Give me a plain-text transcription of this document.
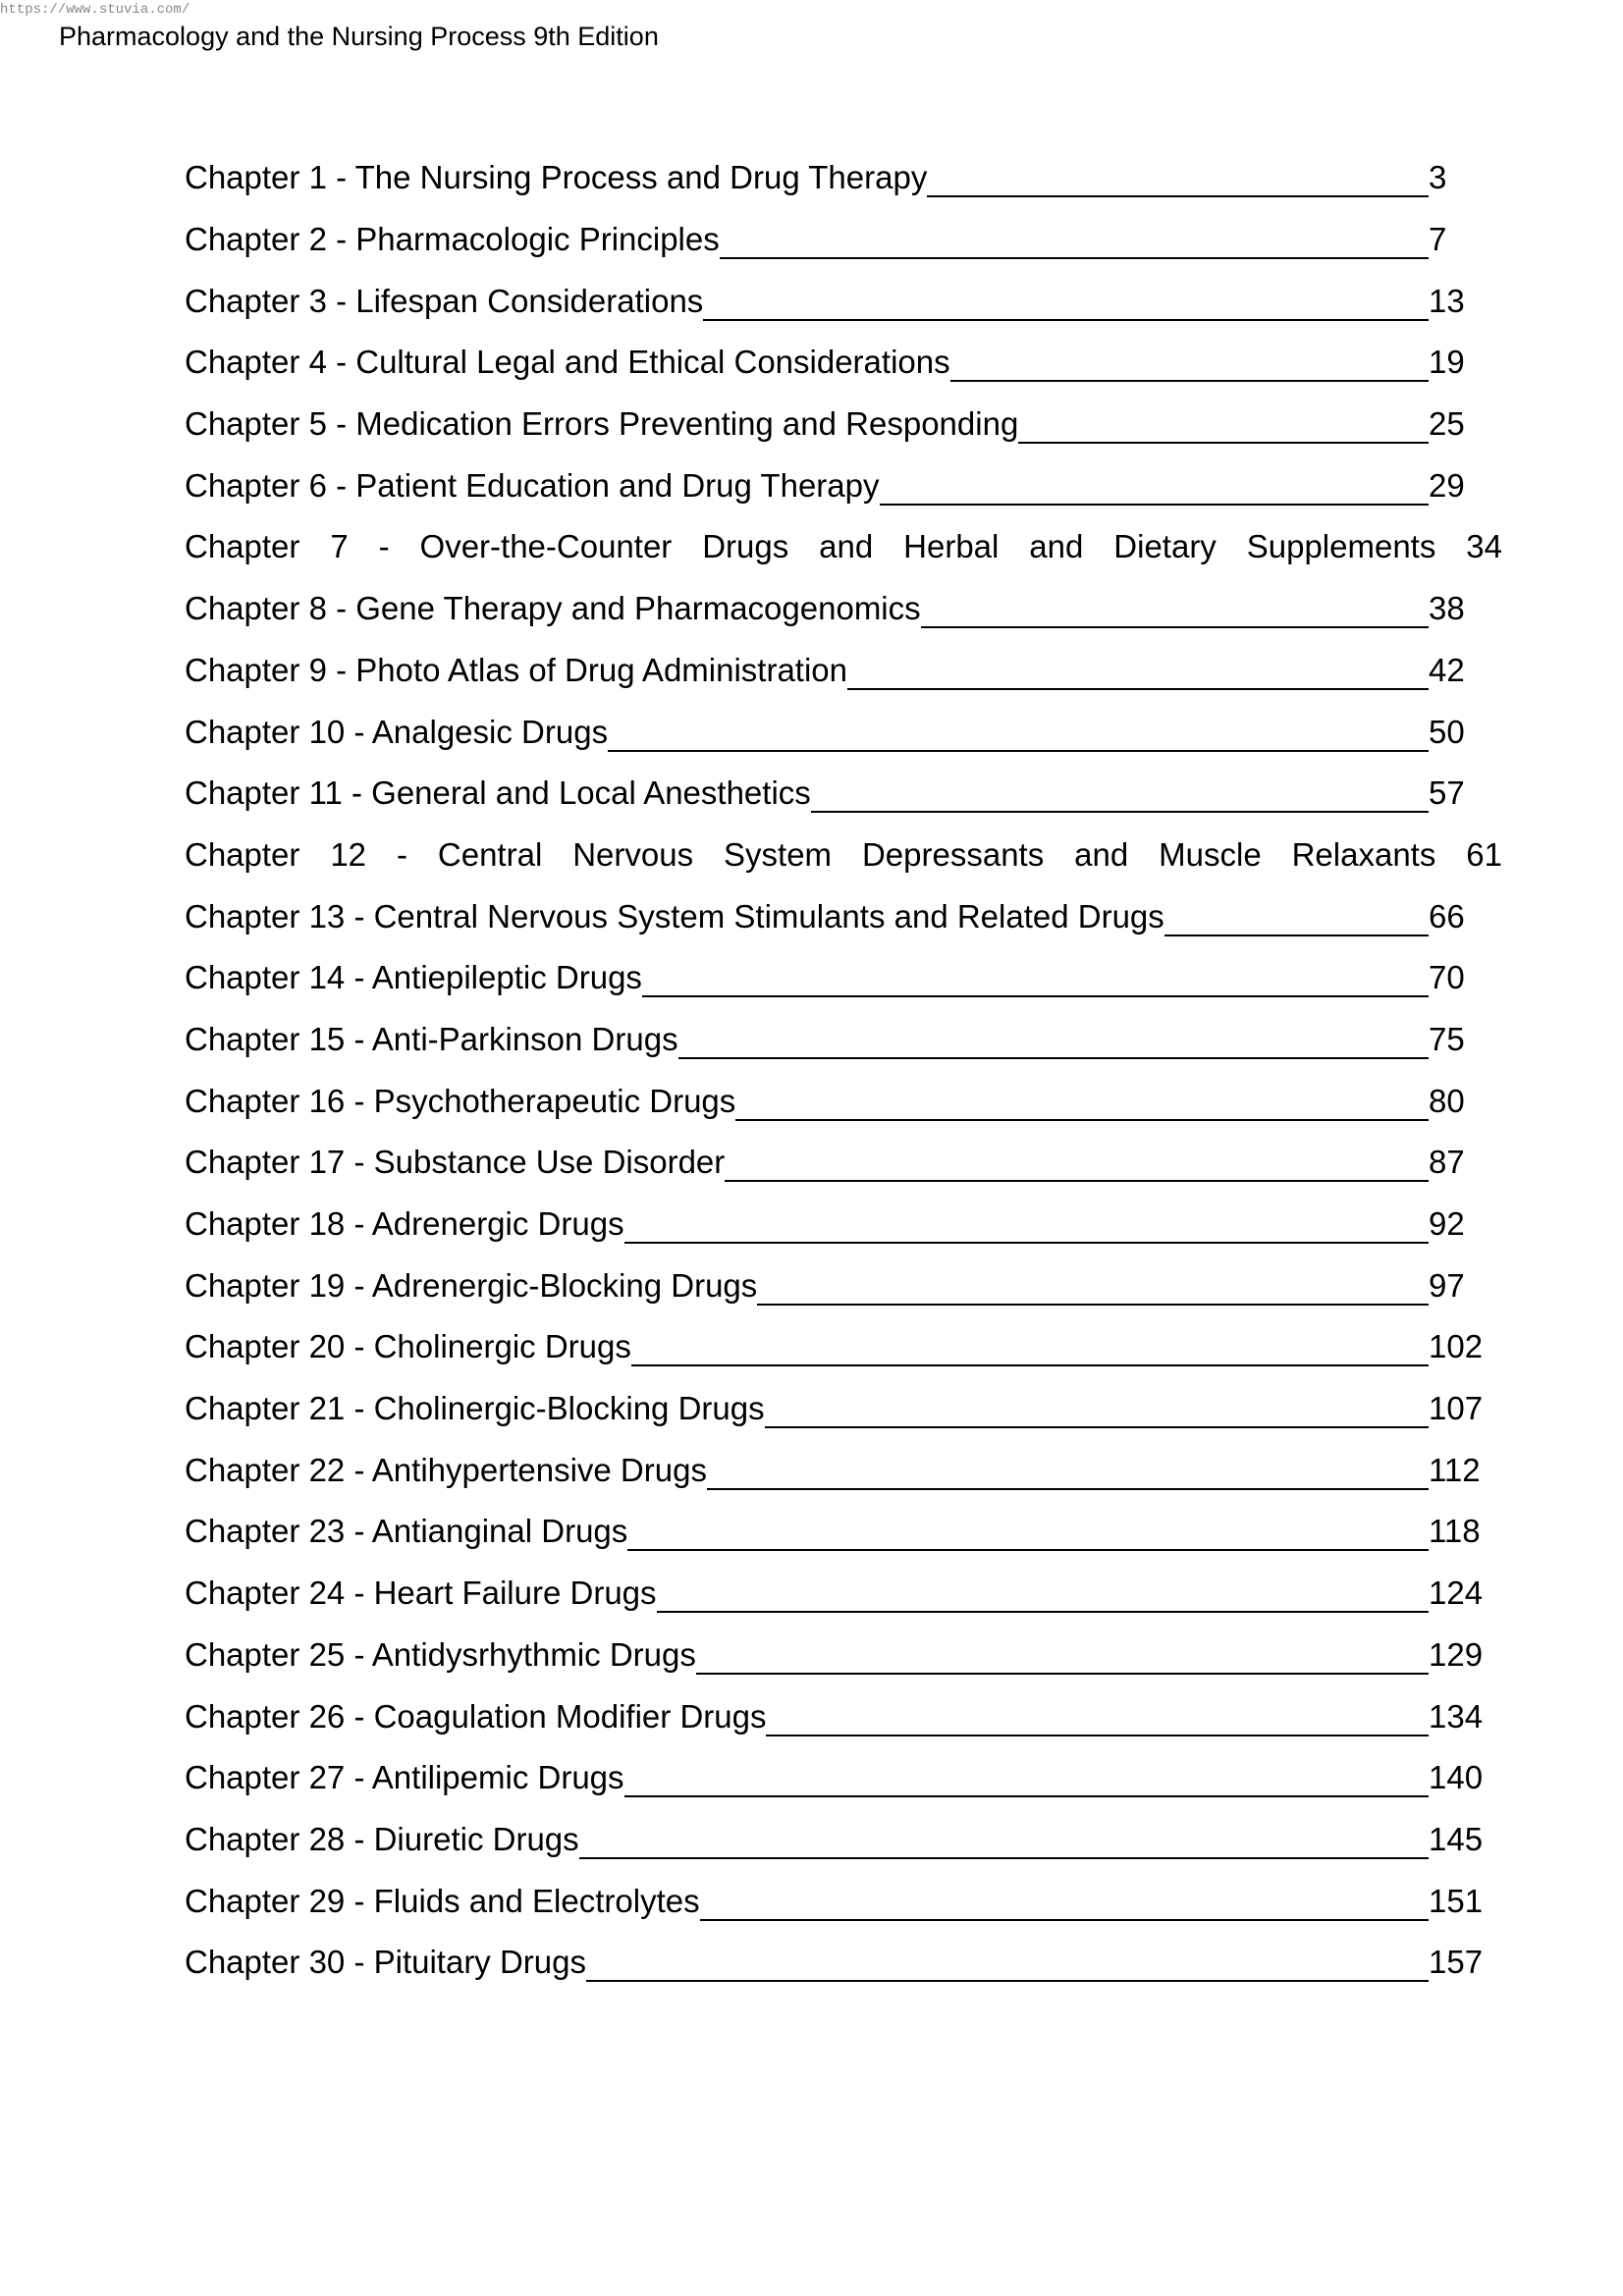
https://www.stuvia.com/
Pharmacology and the Nursing Process 9th Edition
Chapter 1 - The Nursing Process and Drug Therapy	3
Chapter 2 - Pharmacologic Principles	7
Chapter 3 - Lifespan Considerations	13
Chapter 4 - Cultural Legal and Ethical Considerations	19
Chapter 5 - Medication Errors Preventing and Responding	25
Chapter 6 - Patient Education and Drug Therapy	29
Chapter 7 - Over-the-Counter Drugs and Herbal and Dietary Supplements 34
Chapter 8 - Gene Therapy and Pharmacogenomics	38
Chapter 9 - Photo Atlas of Drug Administration	42
Chapter 10 - Analgesic Drugs	50
Chapter 11 - General and Local Anesthetics	57
Chapter 12 - Central Nervous System Depressants and Muscle Relaxants 61
Chapter 13 - Central Nervous System Stimulants and Related Drugs	66
Chapter 14 - Antiepileptic Drugs	70
Chapter 15 - Anti-Parkinson Drugs	75
Chapter 16 - Psychotherapeutic Drugs	80
Chapter 17 - Substance Use Disorder	87
Chapter 18 - Adrenergic Drugs	92
Chapter 19 - Adrenergic-Blocking Drugs	97
Chapter 20 - Cholinergic Drugs	102
Chapter 21 - Cholinergic-Blocking Drugs	107
Chapter 22 - Antihypertensive Drugs	112
Chapter 23 - Antianginal Drugs	118
Chapter 24 - Heart Failure Drugs	124
Chapter 25 - Antidysrhythmic Drugs	129
Chapter 26 - Coagulation Modifier Drugs	134
Chapter 27 - Antilipemic Drugs	140
Chapter 28 - Diuretic Drugs	145
Chapter 29 - Fluids and Electrolytes	151
Chapter 30 - Pituitary Drugs	157
